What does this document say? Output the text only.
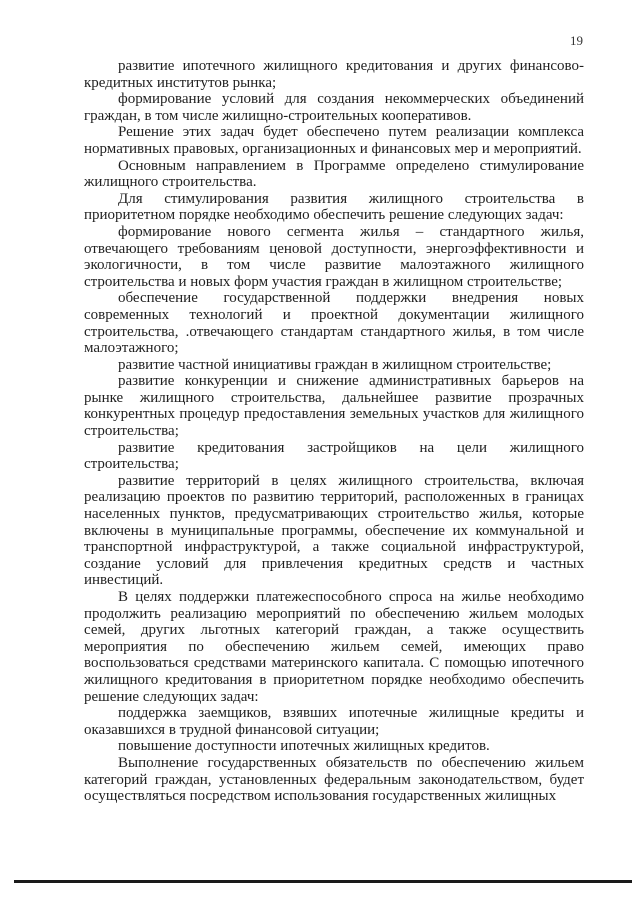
19

развитие ипотечного жилищного кредитования и других финансово-кредитных институтов рынка;

формирование условий для создания некоммерческих объединений граждан, в том числе жилищно-строительных кооперативов.

Решение этих задач будет обеспечено путем реализации комплекса нормативных правовых, организационных и финансовых мер и мероприятий.

Основным направлением в Программе определено стимулирование жилищного строительства.

Для стимулирования развития жилищного строительства в приоритетном порядке необходимо обеспечить решение следующих задач:

формирование нового сегмента жилья – стандартного жилья, отвечающего требованиям ценовой доступности, энергоэффективности и экологичности, в том числе развитие малоэтажного жилищного строительства и новых форм участия граждан в жилищном строительстве;

обеспечение государственной поддержки внедрения новых современных технологий и проектной документации жилищного строительства, .отвечающего стандартам стандартного жилья, в том числе малоэтажного;

развитие частной инициативы граждан в жилищном строительстве;

развитие конкуренции и снижение административных барьеров на рынке жилищного строительства, дальнейшее развитие прозрачных конкурентных процедур предоставления земельных участков для жилищного строительства;

развитие кредитования застройщиков на цели жилищного строительства;

развитие территорий в целях жилищного строительства, включая реализацию проектов по развитию территорий, расположенных в границах населенных пунктов, предусматривающих строительство жилья, которые включены в муниципальные программы, обеспечение их коммунальной и транспортной инфраструктурой, а также социальной инфраструктурой, создание условий для привлечения кредитных средств и частных инвестиций.

В целях поддержки платежеспособного спроса на жилье необходимо продолжить реализацию мероприятий по обеспечению жильем молодых семей, других льготных категорий граждан, а также осуществить мероприятия по обеспечению жильем семей, имеющих право воспользоваться средствами материнского капитала. С помощью ипотечного жилищного кредитования в приоритетном порядке необходимо обеспечить решение следующих задач:

поддержка заемщиков, взявших ипотечные жилищные кредиты и оказавшихся в трудной финансовой ситуации;

повышение доступности ипотечных жилищных кредитов.

Выполнение государственных обязательств по обеспечению жильем категорий граждан, установленных федеральным законодательством, будет осуществляться посредством использования государственных жилищных
